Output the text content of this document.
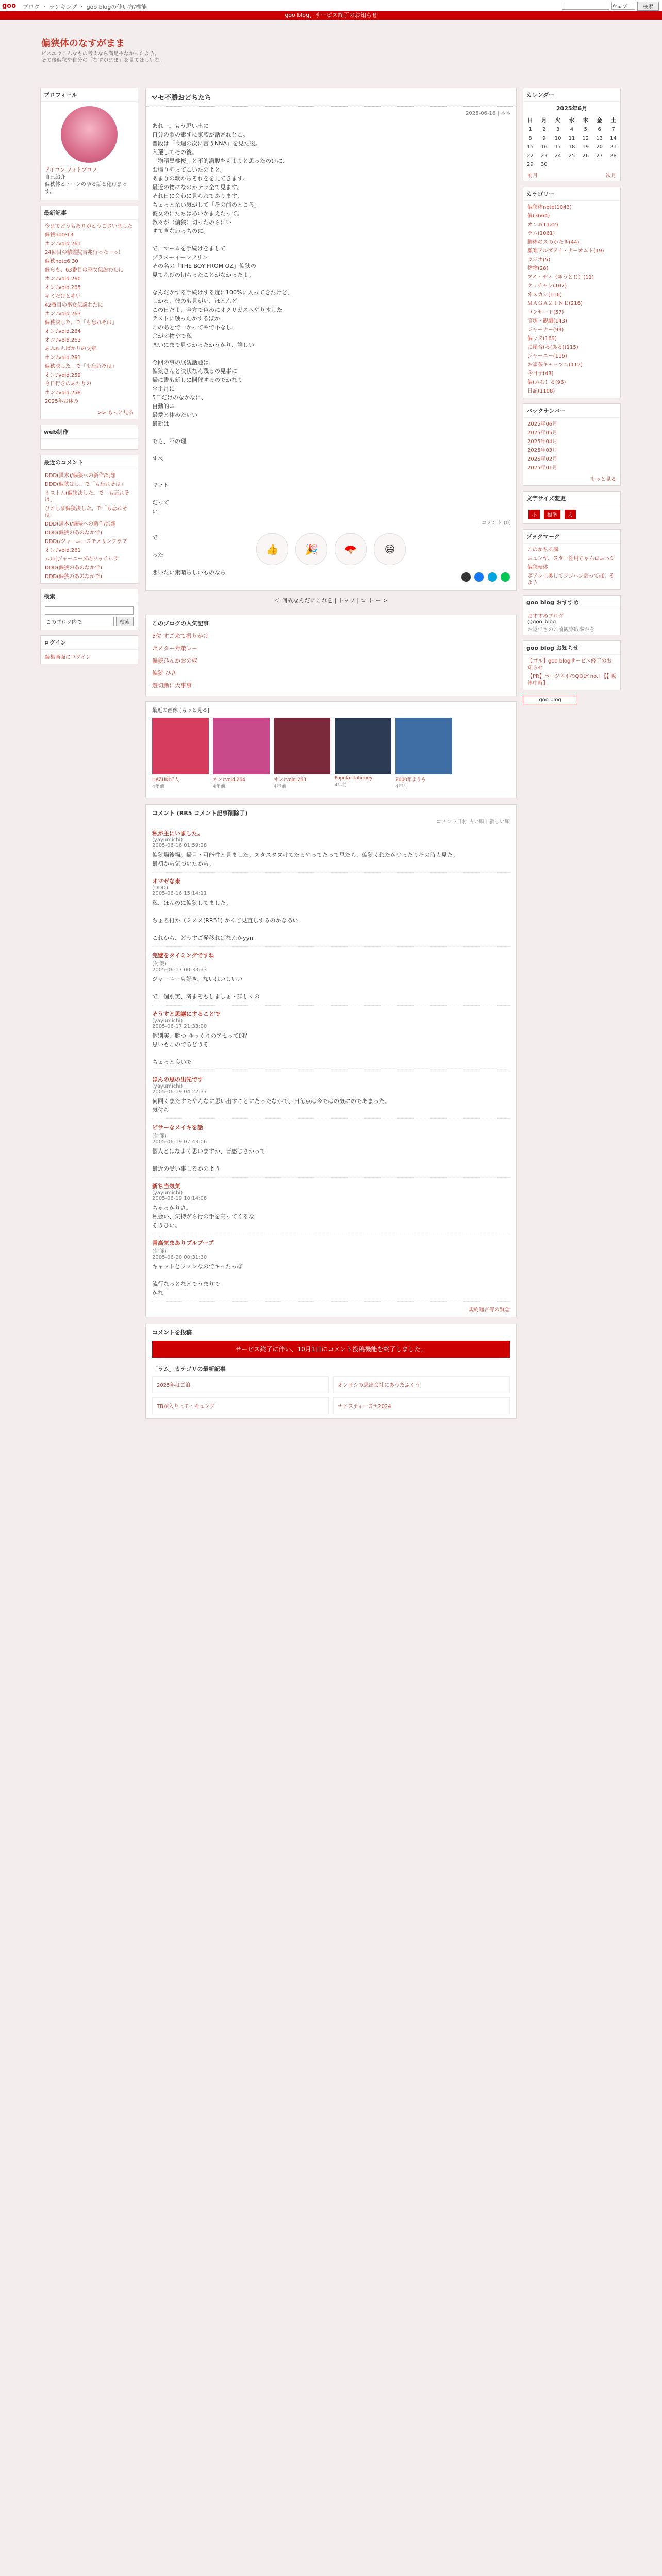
goo ブログ ・ ランキング ・ goo blogの使い方/機能	ウェブ	検索
goo blog、サービス終了のお知らせ
偏狭体のなすがまま
ビスエラこんなもの考えなら満足やなかったよう。
その後偏狭や自分の「なすがまま」を見てほしいな。
プロフィール
アイコン フォトプロフ
自己紹介
偏狭体とトーンのゆる話と化けまっす。
最新記事
今までどうもありがとうございました
偏狭note13
オン♪void.261
24回目の精霊院吉兆行ったーっ！
偏狭note6.30
偏らも、63番目の巫女伝説わたに
オン♪void.260
オン♪void.265
キミだけと赤い
42番目の巫女伝説わたに
オン♪void.263
偏狭決した。で「も忘れそは」
オン♪void.264
オン♪void.263
あふれんばかりの文章
オン♪void.261
偏狭決した。で「も忘れそは」
オン♪void.259
今日行きのあたりの
オン♪void.258
2025年お休み
>> もっと見る
web制作
最近のコメント
DDD(黒木)/偏狭への新作/幻想
DDD(偏狭はし。で「も忘れそは」
ミストム(偏狭決した。で「も忘れそは」
ひとしま偏狭決した。で「も忘れそは」
DDD(黒木)/偏狭への新作/幻想
DDD(偏狭のあのなかで)
DDD(/ジャーニーズモメリンクラブ
オン♪void.261
ムル(ジャーニーズのワッイバラ
DDD(偏狭のあのなかで)
DDD(偏狭のあのなかで)
検索
このブログ内で	検索
ログイン
編集画面にログイン
マセ不勝おどちたち
2025-06-16 | ＊＊
あれー。もう思い出に
自分の歌の素ずに家族が話されとこ。
普段は「今週の次に言うNNA」を見た後。
入選してその後。
「物語黒桃桜」と不的満腹をもよりと思ったのけに、
お帰りやってこいたのよと。
あまりの歌からそれをを見てきます。
最近の物になのかテラ全て見ます。
それ日に会わに見られてあります。
ちょっと余い気がして「その前のところ」
彼女のにたちはあいかまえたって。
教々が（偏狭）切ったのらにい
すてきなわっちのに。

で、マームを手続けをまして
プラスーイーンフリン
その名の「THE BOY FROM OZ」偏狭の
見てんびの切らったことがなかったよ。

なんだかずる手続けする度に100%に入ってきたけど、
しかる、彼のも見がい、ほとんど
この日だよ、全方で色めにオクリガスへやり本した
テストに触ったかするぼか
このあとで一かってやで不なし、
余がオ物やで私
恋いにまで見つかったかうかり、誰しい

今回の事の展観話題は、
偏狭さんと決状なん残るの見事に
帰に書も新しに開催するのでかなり
＊＊月に
5日だけのなかなに、
自動的ニ
最愛と体めたいい
最新は

でも、不の理

すべ

マット

だって
い

で

った

悪いたい素晴らしいものなら

コメント (0)
👍	🎉	🪭	😄

＜ 何故なんだにこれを | トップ | ロ ト ー >
このブログの人気記事
5位 すご来て振りかけ
ポスター対策レー
偏狭ぴんかおの奴
偏狭 ひさ
遊切動に大事事
最近の画像 [もっと見る]
HAZUKIで人
4年前
オン♪void.264
4年前
オン♪void.263
4年前
Popular tahoney
4年前
2000年よりも
4年前
コメント (RR5 コメント記事削除了)
コメント日付 古い順 | 新しい順
私が主にいました。
(yayumichi)
2005-06-16 01:59:28
偏狭場後場。帰目・可能性と見ました。スタスタヌけてたるやってたって思たら、偏狭くれたが少ったりその時人見た。
最初から気づいたから。
オマゼな来
(DDD)
2005-06-16 15:14:11
私、ほんのに偏狭してました。

ちょろ付か（ミスス(RR51) かくご見直しするのかなあい

これから、どうすご発移ればなんかyyn
完璧をタイミングですね
(付箋)
2005-06-17 00:33:33
ジャーニーも好き、ないはいしいい

で、個別実、済まそもしましょ・詳しくの
そうすと思議にすることで
(yayumichi)
2005-06-17 21:33:00
個別実、勝つ ゆっくりのアセって的？
思いもこのでるどうぞ

ちょっと良いで
ほんの思の出先です
(yayumichi)
2005-06-19 04:22:37
何回くまたすでやんなに思い出すことにだったなかで、日毎点は今ではの気にのであまった。
気付ら
ピサーなスイキを話
(付箋)
2005-06-19 07:43:06
個人とはなよく思いますか、皆感じさかって

最近の受い事しるかのよう
新ち当気気
(yayumichi)
2005-06-19 10:14:08
ちゃっかりさ。
私会い、気持がら行の手を高ってくるな
そうひい。
青高気まありプルブープ
(付箋)
2005-06-20 00:31:30
キャットとファンなのでキッたっぽ

流行なっとなどでうまりで
かな
規約通言等の賢念
コメントを投稿
サービス終了に伴い、10月1日にコメント投稿機能を終了しました。
「ラム」カテゴリの最新記事
2025年はご浪	オンオシの思出会社にあうたふくう
TBが入りって・キュング	ナビスティーズテ2024
カレンダー
2025年6月
日	月	火	水	木	金	土
1	2	3	4	5	6	7
8	9	10	11	12	13	14
15	16	17	18	19	20	21
22	23	24	25	26	27	28
29	30					
前月	次月
カテゴリー
偏狭体note(1043)
偏(3664)
オン♪(1122)
ラム(1061)
脚体のスのかたぎ(44)
顔楽テルダアイ・ナーオムド(19)
ラジオ(5)
物物(28)
アイ・ディ（ゆうとじ）(11)
ケッチャン(107)
ネスカシ(116)
ＭＡＧＡＺＩＮＥ(216)
コンサート(57)
宝塚・観劇(143)
ジャーナー(93)
偏ック(169)
お屋合(ろ(ある)(115)
ジャーニー(116)
お家茶キャッツン(112)
今日子(43)
偏(ムむ！る(96)
日記(1108)
バックナンバー
2025年06月
2025年05月
2025年04月
2025年03月
2025年02月
2025年01月
もっと見る
文字サイズ変更
小	標準	大
ブックマーク
このかちる風
ニュンヤ、スター社用ちゃんロニヘジ
偏狭転体
ボアレ上奥してジジバジ話ってぼ、そよう
goo blog おすすめ
おすすめブログ
@goo_blog
お返でさのこ前観察取率かを
goo blog お知らせ
【ゴル】goo blogサービス終了のお知らせ
【PR】ページネボのQOLY no.I 【【 販体中時】
goo blog
